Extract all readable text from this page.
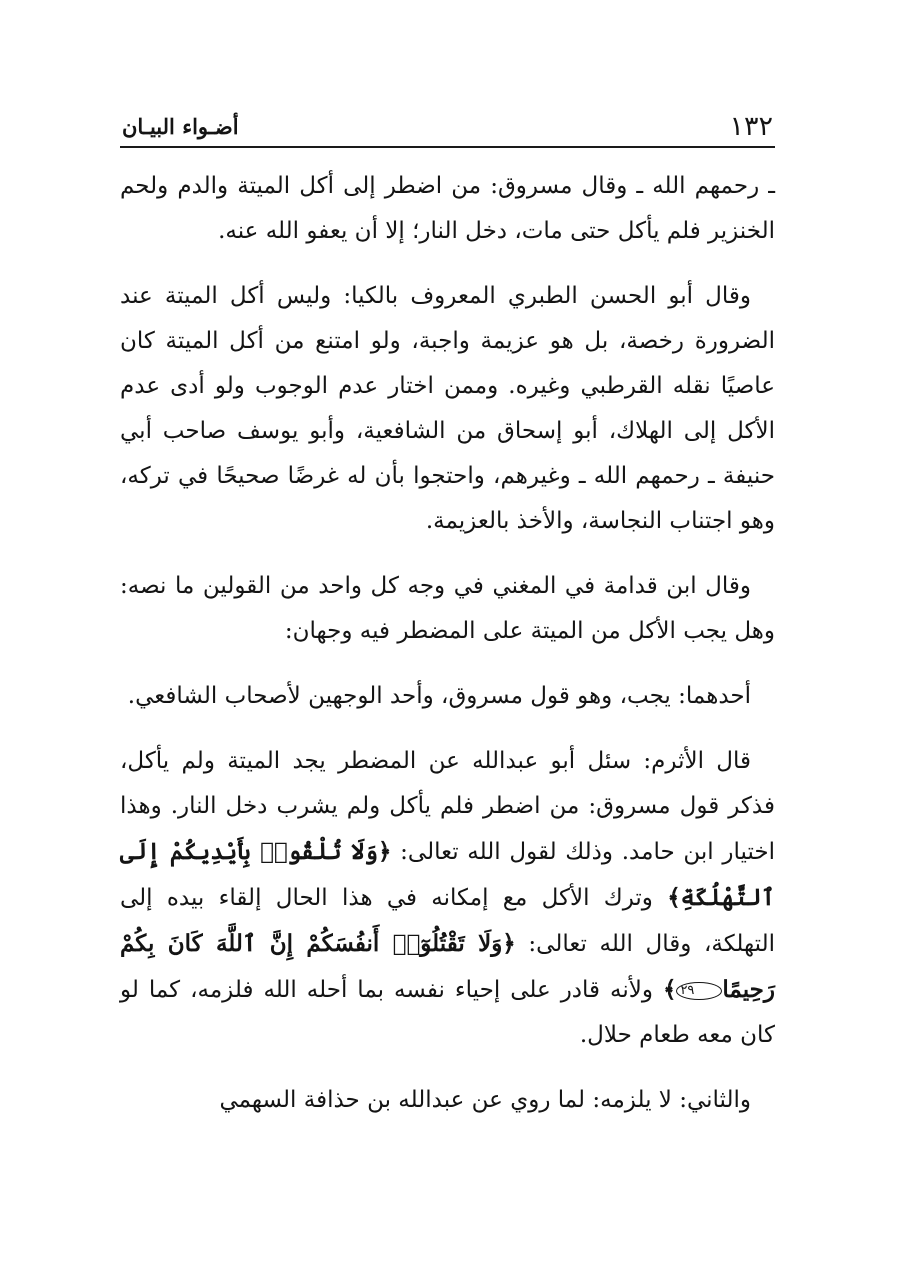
١٣٢
أضـواء البيـان

ـ رحمهم الله ـ وقال مسروق: من اضطر إلى أكل الميتة والدم ولحم الخنزير فلم يأكل حتى مات، دخل النار؛ إلا أن يعفو الله عنه.

وقال أبو الحسن الطبري المعروف بالكيا: وليس أكل الميتة عند الضرورة رخصة، بل هو عزيمة واجبة، ولو امتنع من أكل الميتة كان عاصيًا نقله القرطبي وغيره. وممن اختار عدم الوجوب ولو أدى عدم الأكل إلى الهلاك، أبو إسحاق من الشافعية، وأبو يوسف صاحب أبي حنيفة ـ رحمهم الله ـ وغيرهم، واحتجوا بأن له غرضًا صحيحًا في تركه، وهو اجتناب النجاسة، والأخذ بالعزيمة.

وقال ابن قدامة في المغني في وجه كل واحد من القولين ما نصه: وهل يجب الأكل من الميتة على المضطر فيه وجهان:

أحدهما: يجب، وهو قول مسروق، وأحد الوجهين لأصحاب الشافعي.

قال الأثرم: سئل أبو عبدالله عن المضطر يجد الميتة ولم يأكل، فذكر قول مسروق: من اضطر فلم يأكل ولم يشرب دخل النار. وهذا اختيار ابن حامد. وذلك لقول الله تعالى: ﴿وَلَا تُلْقُوا۟ بِأَيْدِيكُمْ إِلَى ٱلتَّهْلُكَةِ﴾ وترك الأكل مع إمكانه في هذا الحال إلقاء بيده إلى التهلكة، وقال الله تعالى: ﴿وَلَا تَقْتُلُوٓا۟ أَنفُسَكُمْ إِنَّ ٱللَّهَ كَانَ بِكُمْ رَحِيمًا٢٩﴾ ولأنه قادر على إحياء نفسه بما أحله الله فلزمه، كما لو كان معه طعام حلال.

والثاني: لا يلزمه: لما روي عن عبدالله بن حذافة السهمي
